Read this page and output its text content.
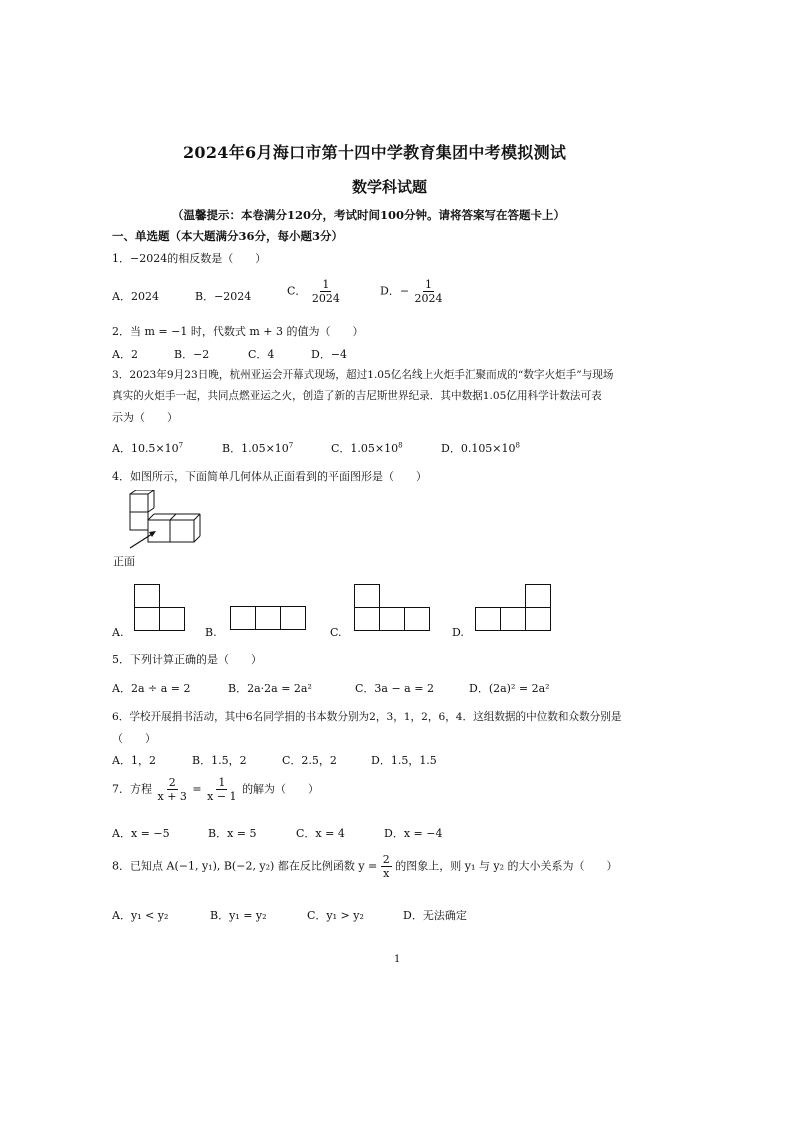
2024年6月海口市第十四中学教育集团中考模拟测试
数学科试题
（温馨提示：本卷满分120分，考试时间100分钟。请将答案写在答题卡上）
一、单选题（本大题满分36分，每小题3分）
1．−2024的相反数是（　　）
A．2024	B．−2024	C． $\frac{1}{2024}$	D．− $\frac{1}{2024}$
2．当 m = −1 时，代数式 m + 3 的值为（　　）
A．2	B．−2	C．4	D．−4
3．2023年9月23日晚，杭州亚运会开幕式现场，超过1.05亿名线上火炬手汇聚而成的“数字火炬手”与现场
真实的火炬手一起，共同点燃亚运之火，创造了新的吉尼斯世界纪录．其中数据1.05亿用科学计数法可表
示为（　　）
A．$10.5\times 10^7$	B．$1.05\times 10^7$	C．$1.05\times 10^8$	D．$0.105\times 10^8$
4．如图所示，下面简单几何体从正面看到的平面图形是（　　）
正面
A.	B.	C.	D.
5．下列计算正确的是（　　）
A．2a ÷ a = 2	B．2a·2a = 2a²	C．3a − a = 2	D．(2a)² = 2a²
6．学校开展捐书活动，其中6名同学捐的书本数分别为2，3，1，2，6，4．这组数据的中位数和众数分别是
（　　）
A．1，2	B．1.5，2	C．2.5，2	D．1.5，1.5
7．方程 $\frac{2}{x + 3} = \frac{1}{x - 1}$ 的解为（　　）
A．x = −5	B．x = 5	C．x = 4	D．x = −4
8．已知点 A(−1, y₁), B(−2, y₂) 都在反比例函数 $y = \frac{2}{x}$ 的图象上，则 y₁ 与 y₂ 的大小关系为（　　）
A．y₁ < y₂	B．y₁ = y₂	C．y₁ > y₂	D．无法确定
1
